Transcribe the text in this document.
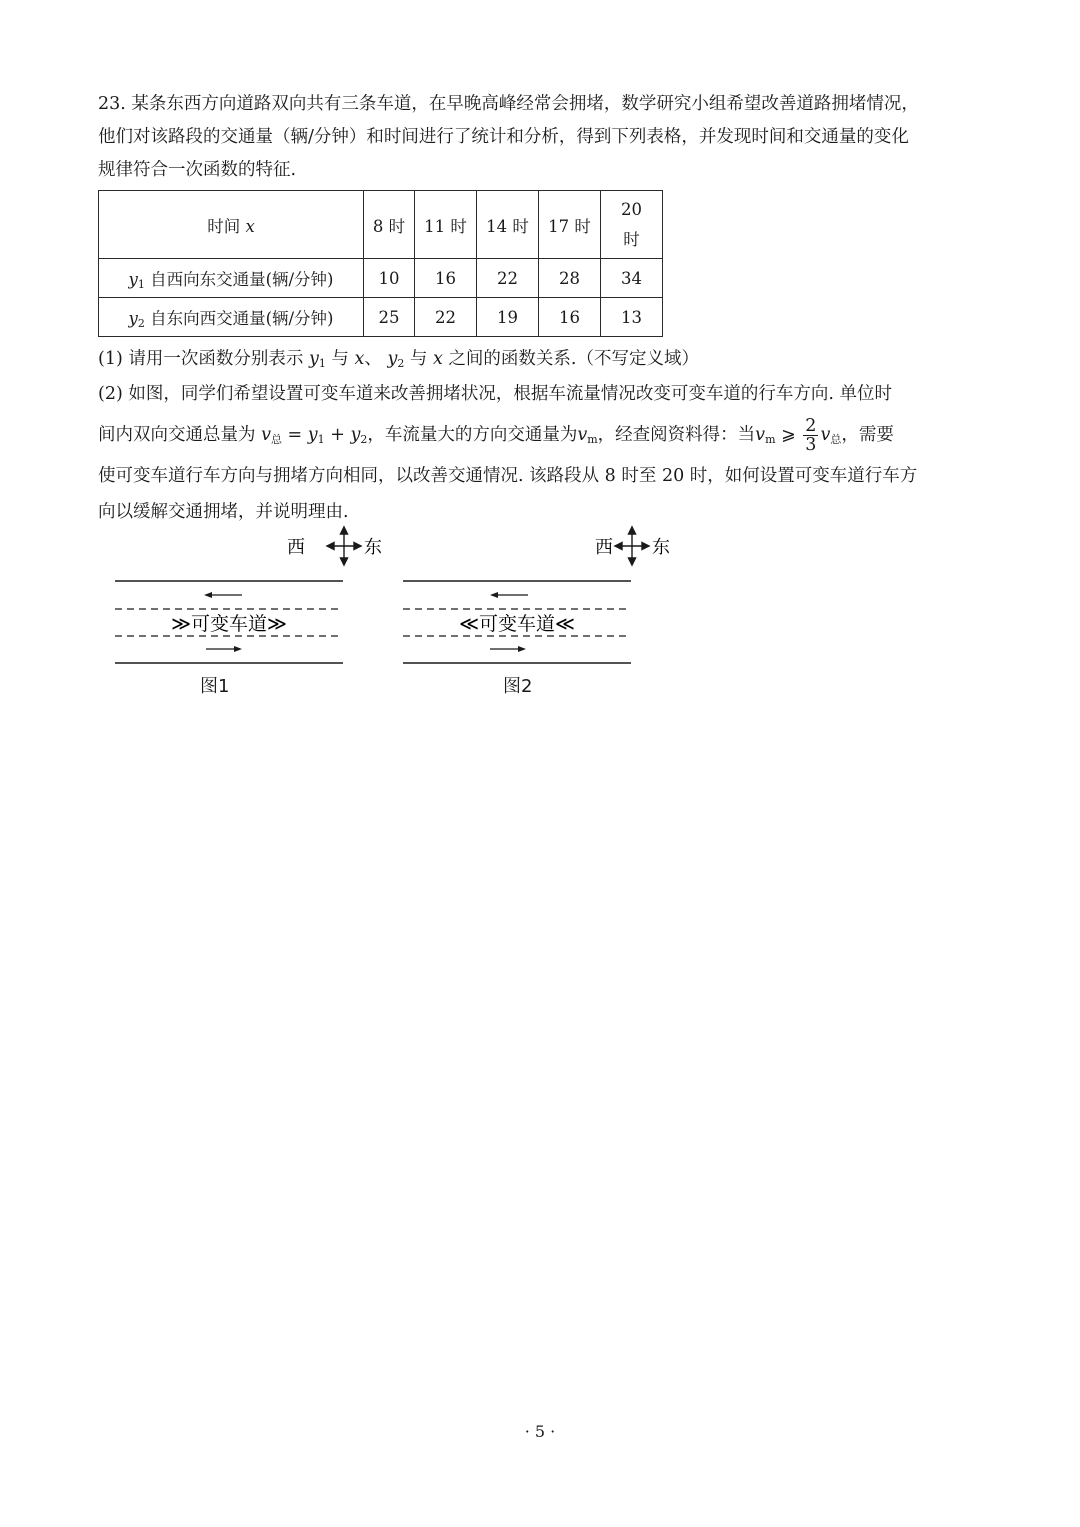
23. 某条东西方向道路双向共有三条车道，在早晚高峰经常会拥堵，数学研究小组希望改善道路拥堵情况，
他们对该路段的交通量（辆/分钟）和时间进行了统计和分析，得到下列表格，并发现时间和交通量的变化
规律符合一次函数的特征.
时间 x	8 时	11 时	14 时	17 时	20
时
$y_1$ 自西向东交通量(辆/分钟)	10	16	22	28	34
$y_2$ 自东向西交通量(辆/分钟)	25	22	19	16	13
(1) 请用一次函数分别表示 $y_1$ 与 x、 $y_2$ 与 x 之间的函数关系.（不写定义域）
(2) 如图，同学们希望设置可变车道来改善拥堵状况，根据车流量情况改变可变车道的行车方向. 单位时
间内双向交通总量为 $v_总 = y_1 + y_2$，车流量大的方向交通量为$v_m$，经查阅资料得：当$v_m$ ⩾ $\frac{2}{3} v_总$，需要
使可变车道行车方向与拥堵方向相同，以改善交通情况. 该路段从 8 时至 20 时，如何设置可变车道行车方
向以缓解交通拥堵，并说明理由.
西	东
≫可变车道≫
图1
西 东
≪可变车道≪
图2
· 5 ·
